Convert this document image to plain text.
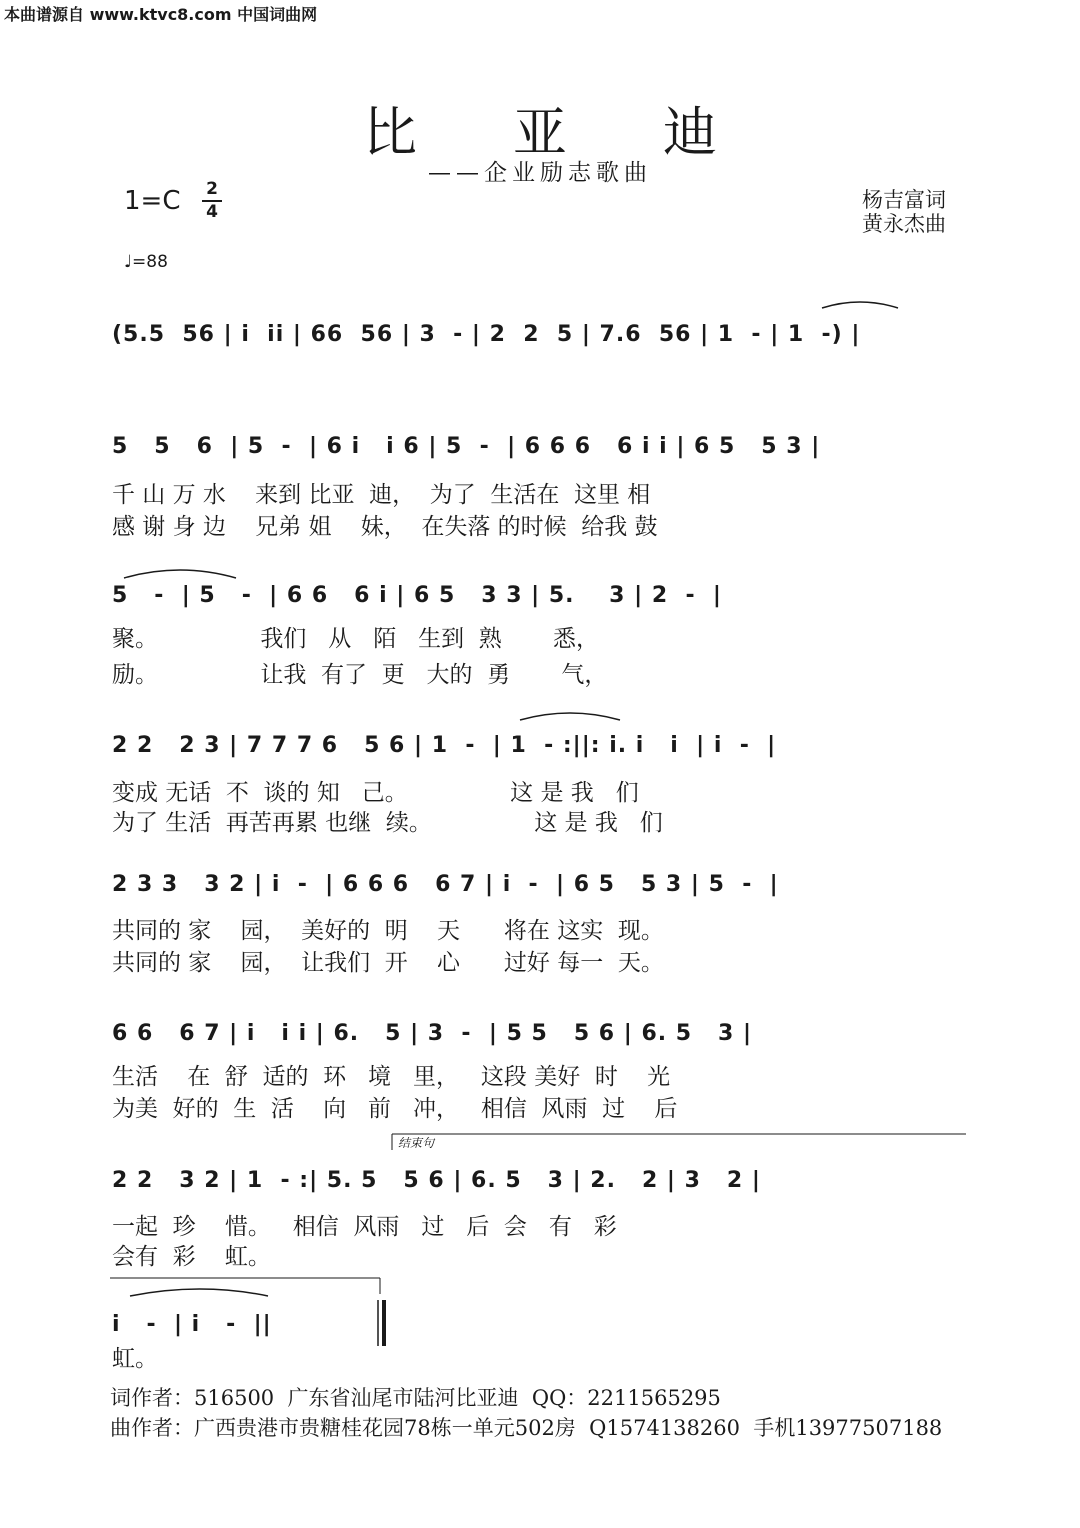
本曲谱源自 www.ktvc8.com 中国词曲网
比亚迪
——企业励志歌曲
1=C 2
4	杨吉富词
黄永杰曲
♩=88
(5.5  56 | i  ii | 66  56 | 3  - | 2  2  5 | 7.6  56 | 1  - | 1  -) |
5   5   6  | 5  -  | 6 i   i 6 | 5  -  | 6 6 6   6 i i | 6 5   5 3 |
千 山 万 水    来到 比亚  迪，  为了  生活在  这里 相
感 谢 身 边    兄弟 姐    妹，  在失落 的时候  给我 鼓
5   -  | 5   -  | 6 6   6 i | 6 5   3 3 | 5.    3 | 2  -  |
聚。              我们   从   陌   生到  熟       悉，
励。              让我  有了  更   大的  勇       气，
2 2   2 3 | 7 7 7 6   5 6 | 1  -  | 1  - :||: i. i   i  | i  -  |
变成 无话  不  谈的 知   己。              这 是 我   们
为了 生活  再苦再累 也继  续。              这 是 我   们
2 3 3   3 2 | i  -  | 6 6 6   6 7 | i  -  | 6 5   5 3 | 5  -  |
共同的 家    园，  美好的  明    天      将在 这实  现。
共同的 家    园，  让我们  开    心      过好 每一  天。
6 6   6 7 | i   i i | 6.   5 | 3  -  | 5 5   5 6 | 6. 5   3 |
生活    在  舒  适的  环   境   里，   这段 美好  时    光
为美  好的  生  活    向   前   冲，   相信  风雨  过    后
结束句
2 2   3 2 | 1  - :| 5. 5   5 6 | 6. 5   3 | 2.   2 | 3   2 |
一起  珍    惜。   相信  风雨   过   后  会   有   彩
会有  彩    虹。
i   -  | i   -  ||
虹。
词作者：516500  广东省汕尾市陆河比亚迪  QQ：2211565295
曲作者：广西贵港市贵糖桂花园78栋一单元502房  Q1574138260  手机13977507188
